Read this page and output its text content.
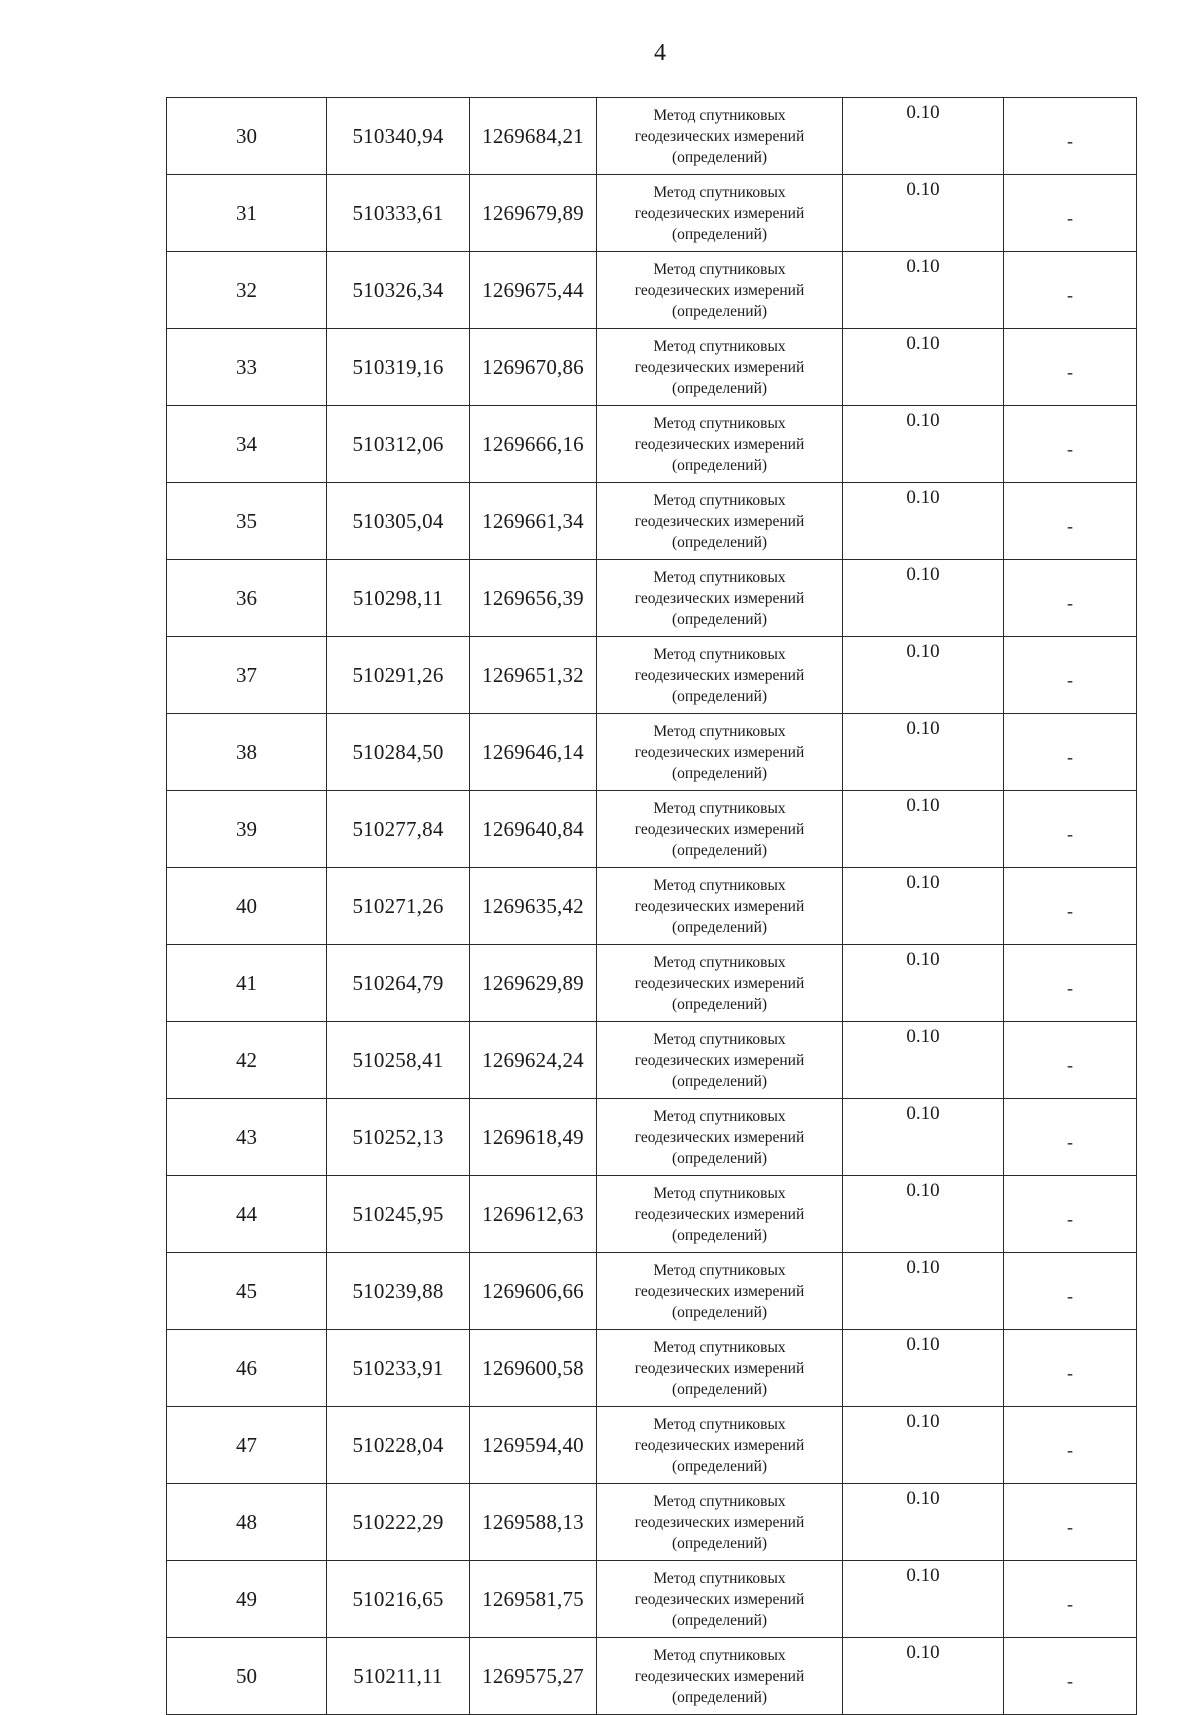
4
30	510340,94	1269684,21	Метод спутниковых
геодезических измерений
(определений)	0.10	-
31	510333,61	1269679,89	Метод спутниковых
геодезических измерений
(определений)	0.10	-
32	510326,34	1269675,44	Метод спутниковых
геодезических измерений
(определений)	0.10	-
33	510319,16	1269670,86	Метод спутниковых
геодезических измерений
(определений)	0.10	-
34	510312,06	1269666,16	Метод спутниковых
геодезических измерений
(определений)	0.10	-
35	510305,04	1269661,34	Метод спутниковых
геодезических измерений
(определений)	0.10	-
36	510298,11	1269656,39	Метод спутниковых
геодезических измерений
(определений)	0.10	-
37	510291,26	1269651,32	Метод спутниковых
геодезических измерений
(определений)	0.10	-
38	510284,50	1269646,14	Метод спутниковых
геодезических измерений
(определений)	0.10	-
39	510277,84	1269640,84	Метод спутниковых
геодезических измерений
(определений)	0.10	-
40	510271,26	1269635,42	Метод спутниковых
геодезических измерений
(определений)	0.10	-
41	510264,79	1269629,89	Метод спутниковых
геодезических измерений
(определений)	0.10	-
42	510258,41	1269624,24	Метод спутниковых
геодезических измерений
(определений)	0.10	-
43	510252,13	1269618,49	Метод спутниковых
геодезических измерений
(определений)	0.10	-
44	510245,95	1269612,63	Метод спутниковых
геодезических измерений
(определений)	0.10	-
45	510239,88	1269606,66	Метод спутниковых
геодезических измерений
(определений)	0.10	-
46	510233,91	1269600,58	Метод спутниковых
геодезических измерений
(определений)	0.10	-
47	510228,04	1269594,40	Метод спутниковых
геодезических измерений
(определений)	0.10	-
48	510222,29	1269588,13	Метод спутниковых
геодезических измерений
(определений)	0.10	-
49	510216,65	1269581,75	Метод спутниковых
геодезических измерений
(определений)	0.10	-
50	510211,11	1269575,27	Метод спутниковых
геодезических измерений
(определений)	0.10	-
